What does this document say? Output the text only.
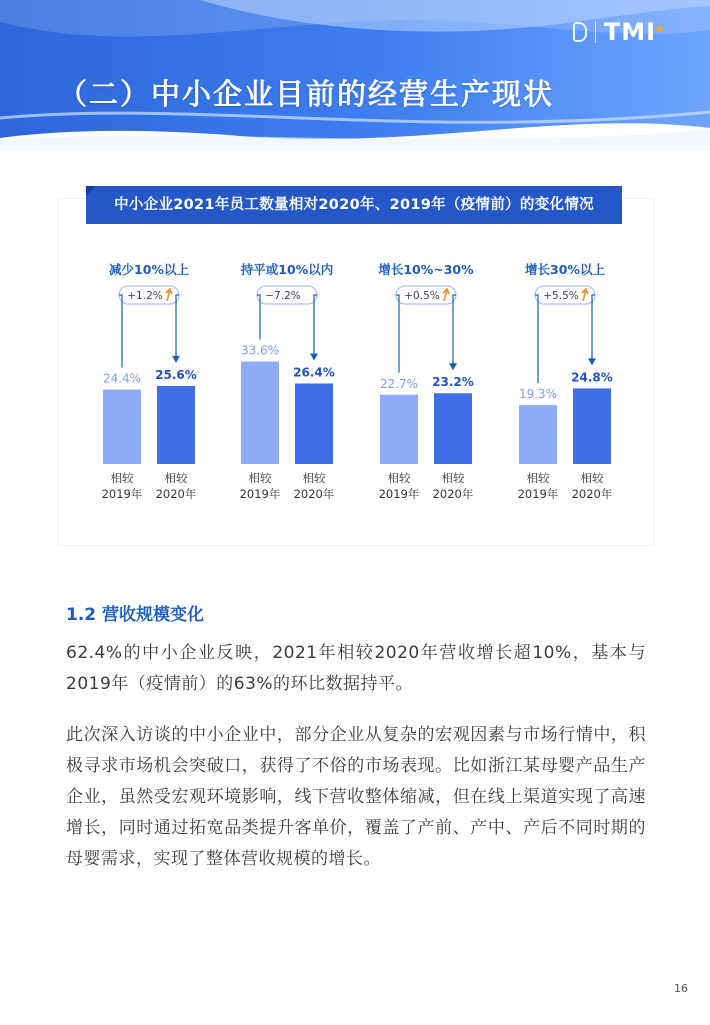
TMI●
（二）中小企业目前的经营生产现状
中小企业2021年员工数量相对2020年、2019年（疫情前）的变化情况
减少10%以上
+1.2%
24.4%
相较
2019年
25.6%
相较
2020年
持平或10%以内
−7.2%
33.6%
相较
2019年
26.4%
相较
2020年
增长10%~30%
+0.5%
22.7%
相较
2019年
23.2%
相较
2020年
增长30%以上
+5.5%
19.3%
相较
2019年
24.8%
相较
2020年
1.2 营收规模变化

62.4%的中小企业反映，2021年相较2020年营收增长超10%，基本与2019年（疫情前）的63%的环比数据持平。

此次深入访谈的中小企业中，部分企业从复杂的宏观因素与市场行情中，积极寻求市场机会突破口，获得了不俗的市场表现。比如浙江某母婴产品生产企业，虽然受宏观环境影响，线下营收整体缩减，但在线上渠道实现了高速增长，同时通过拓宽品类提升客单价，覆盖了产前、产中、产后不同时期的母婴需求，实现了整体营收规模的增长。

16
